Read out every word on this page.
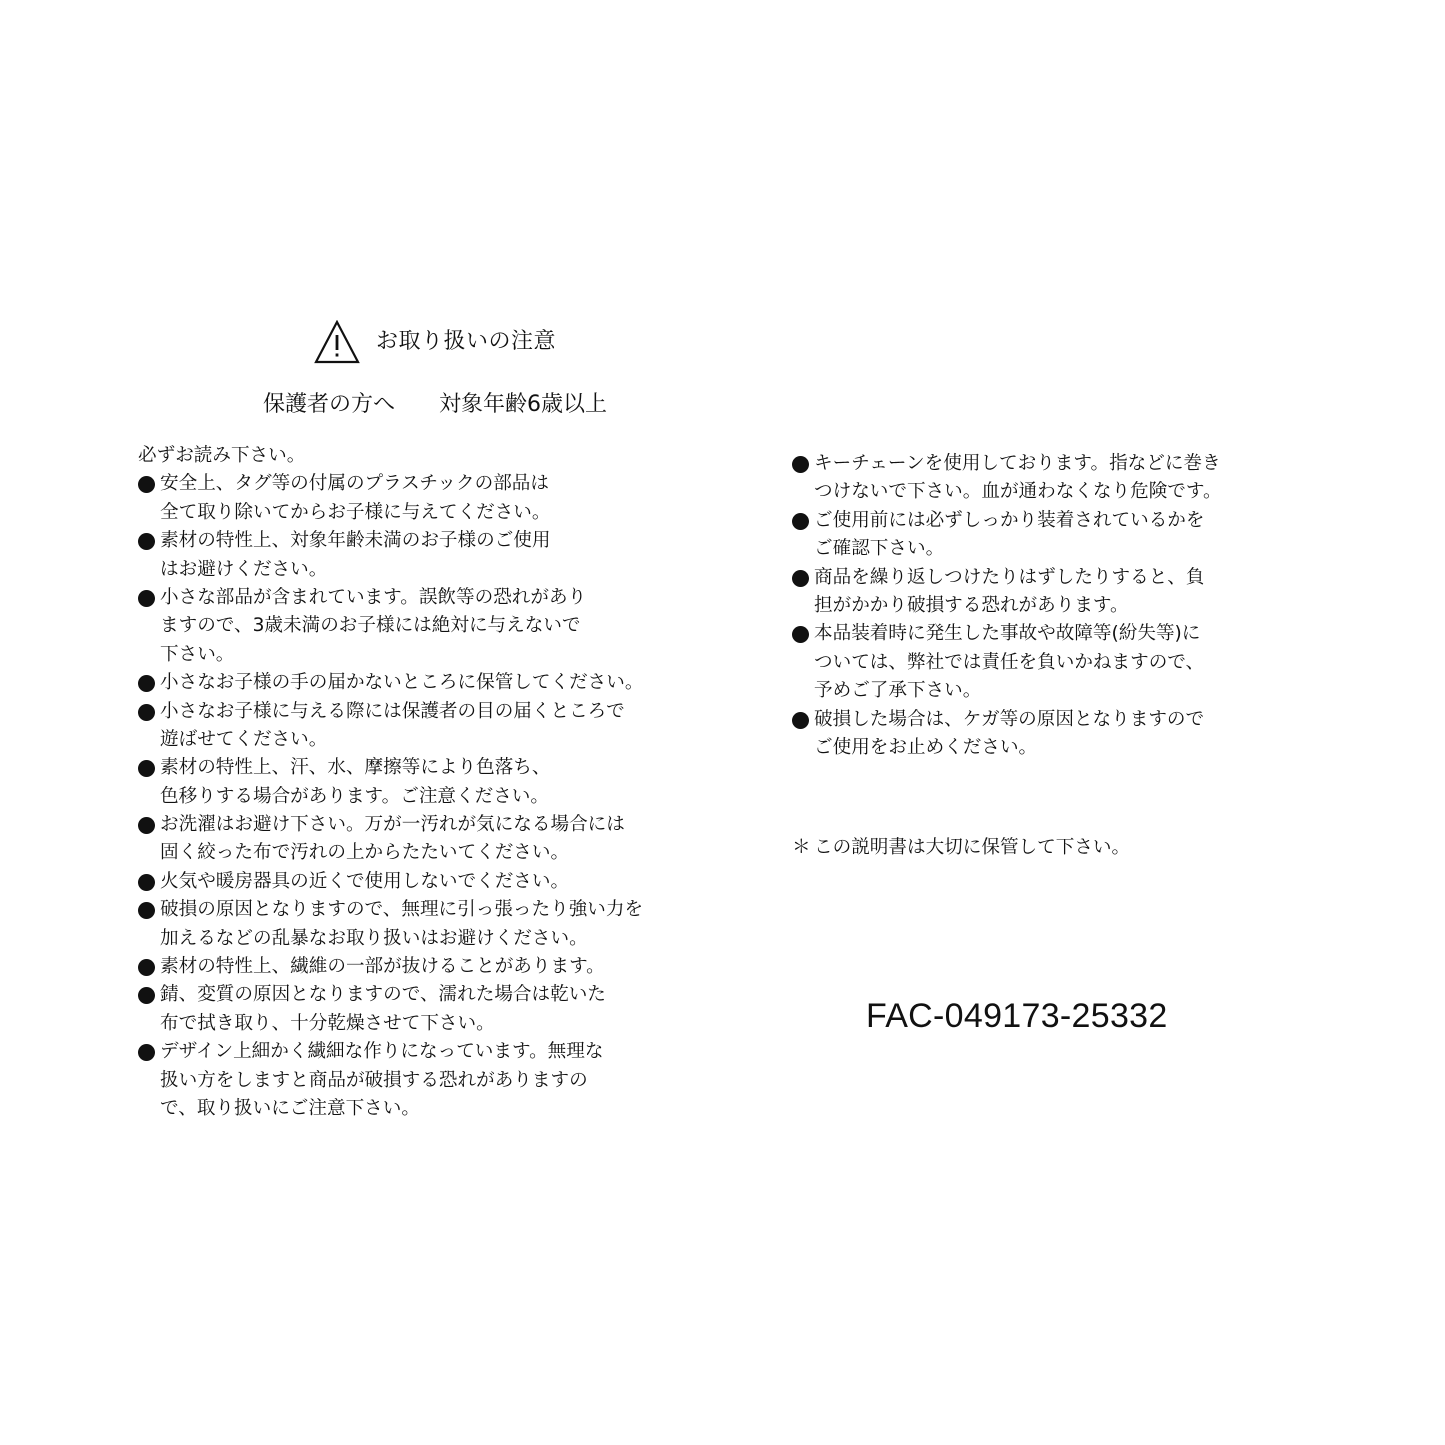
お取り扱いの注意
保護者の方へ 対象年齢6歳以上
必ずお読み下さい。
安全上、タグ等の付属のプラスチックの部品は
全て取り除いてからお子様に与えてください。
素材の特性上、対象年齢未満のお子様のご使用
はお避けください。
小さな部品が含まれています。誤飲等の恐れがあり
ますので、3歳未満のお子様には絶対に与えないで
下さい。
小さなお子様の手の届かないところに保管してください。
小さなお子様に与える際には保護者の目の届くところで
遊ばせてください。
素材の特性上、汗、水、摩擦等により色落ち、
色移りする場合があります。ご注意ください。
お洗濯はお避け下さい。万が一汚れが気になる場合には
固く絞った布で汚れの上からたたいてください。
火気や暖房器具の近くで使用しないでください。
破損の原因となりますので、無理に引っ張ったり強い力を
加えるなどの乱暴なお取り扱いはお避けください。
素材の特性上、繊維の一部が抜けることがあります。
錆、変質の原因となりますので、濡れた場合は乾いた
布で拭き取り、十分乾燥させて下さい。
デザイン上細かく繊細な作りになっています。無理な
扱い方をしますと商品が破損する恐れがありますの
で、取り扱いにご注意下さい。
キーチェーンを使用しております。指などに巻き
つけないで下さい。血が通わなくなり危険です。
ご使用前には必ずしっかり装着されているかを
ご確認下さい。
商品を繰り返しつけたりはずしたりすると、負
担がかかり破損する恐れがあります。
本品装着時に発生した事故や故障等(紛失等)に
ついては、弊社では責任を負いかねますので、
予めご了承下さい。
破損した場合は、ケガ等の原因となりますので
ご使用をお止めください。
＊ この説明書は大切に保管して下さい。
FAC-049173-25332
